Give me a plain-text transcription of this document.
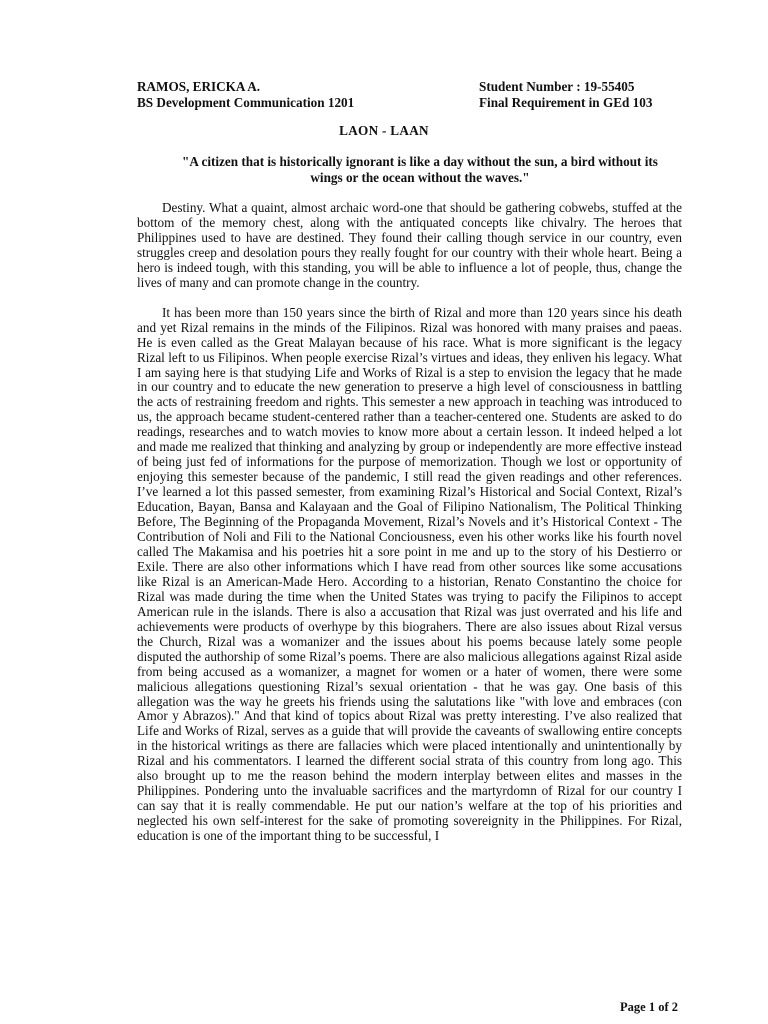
RAMOS, ERICKA A.	Student Number : 19-55405
BS Development Communication 1201	Final Requirement in GEd 103
LAON - LAAN
"A citizen that is historically ignorant is like a day without the sun, a bird without its wings or the ocean without the waves."

Destiny. What a quaint, almost archaic word-one that should be gathering cobwebs, stuffed at the bottom of the memory chest, along with the antiquated concepts like chivalry. The heroes that Philippines used to have are destined. They found their calling though service in our country, even struggles creep and desolation pours they really fought for our country with their whole heart. Being a hero is indeed tough, with this standing, you will be able to influence a lot of people, thus, change the lives of many and can promote change in the country.

It has been more than 150 years since the birth of Rizal and more than 120 years since his death and yet Rizal remains in the minds of the Filipinos. Rizal was honored with many praises and paeas. He is even called as the Great Malayan because of his race. What is more significant is the legacy Rizal left to us Filipinos. When people exercise Rizal’s virtues and ideas, they enliven his legacy. What I am saying here is that studying Life and Works of Rizal is a step to envision the legacy that he made in our country and to educate the new generation to preserve a high level of consciousness in battling the acts of restraining freedom and rights. This semester a new approach in teaching was introduced to us, the approach became student-centered rather than a teacher-centered one. Students are asked to do readings, researches and to watch movies to know more about a certain lesson. It indeed helped a lot and made me realized that thinking and analyzing by group or independently are more effective instead of being just fed of informations for the purpose of memorization. Though we lost or opportunity of enjoying this semester because of the pandemic, I still read the given readings and other references. I’ve learned a lot this passed semester, from examining Rizal’s Historical and Social Context, Rizal’s Education, Bayan, Bansa and Kalayaan and the Goal of Filipino Nationalism, The Political Thinking Before, The Beginning of the Propaganda Movement, Rizal’s Novels and it’s Historical Context - The Contribution of Noli and Fili to the National Conciousness, even his other works like his fourth novel called The Makamisa and his poetries hit a sore point in me and up to the story of his Destierro or Exile. There are also other informations which I have read from other sources like some accusations like Rizal is an American-Made Hero. According to a historian, Renato Constantino the choice for Rizal was made during the time when the United States was trying to pacify the Filipinos to accept American rule in the islands. There is also a accusation that Rizal was just overrated and his life and achievements were products of overhype by this biograhers. There are also issues about Rizal versus the Church, Rizal was a womanizer and the issues about his poems because lately some people disputed the authorship of some Rizal’s poems. There are also malicious allegations against Rizal aside from being accused as a womanizer, a magnet for women or a hater of women, there were some malicious allegations questioning Rizal’s sexual orientation - that he was gay. One basis of this allegation was the way he greets his friends using the salutations like "with love and embraces (con Amor y Abrazos)." And that kind of topics about Rizal was pretty interesting. I’ve also realized that Life and Works of Rizal, serves as a guide that will provide the caveants of swallowing entire concepts in the historical writings as there are fallacies which were placed intentionally and unintentionally by Rizal and his commentators. I learned the different social strata of this country from long ago. This also brought up to me the reason behind the modern interplay between elites and masses in the Philippines. Pondering unto the invaluable sacrifices and the martyrdomn of Rizal for our country I can say that it is really commendable. He put our nation’s welfare at the top of his priorities and neglected his own self-interest for the sake of promoting sovereignity in the Philippines. For Rizal, education is one of the important thing to be successful, I

Page 1 of 2
